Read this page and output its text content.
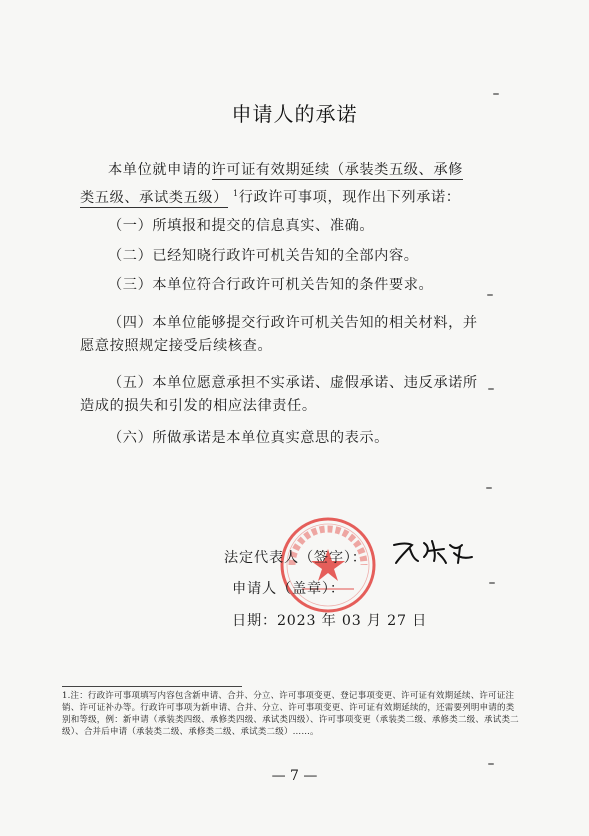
申请人的承诺
本单位就申请的许可证有效期延续（承装类五级、承修
类五级、承试类五级） $^1$行政许可事项，现作出下列承诺：
（一）所填报和提交的信息真实、准确。
（二）已经知晓行政许可机关告知的全部内容。
（三）本单位符合行政许可机关告知的条件要求。
（四）本单位能够提交行政许可机关告知的相关材料，并
愿意按照规定接受后续核查。
（五）本单位愿意承担不实承诺、虚假承诺、违反承诺所
造成的损失和引发的相应法律责任。
（六）所做承诺是本单位真实意思的表示。
法定代表人（签字）：
申请人（盖章）：
日期：2023 年 03 月 27 日
1.注：行政许可事项填写内容包含新申请、合并、分立、许可事项变更、登记事项变更、许可证有效期延续、许可证注销、许可证补办等。行政许可事项为新申请、合并、分立、许可事项变更、许可证有效期延续的，还需要列明申请的类别和等级，例：新申请（承装类四级、承修类四级、承试类四级）、许可事项变更（承装类二级、承修类二级、承试类二级）、合并后申请（承装类二级、承修类二级、承试类二级）……。
— 7 —
